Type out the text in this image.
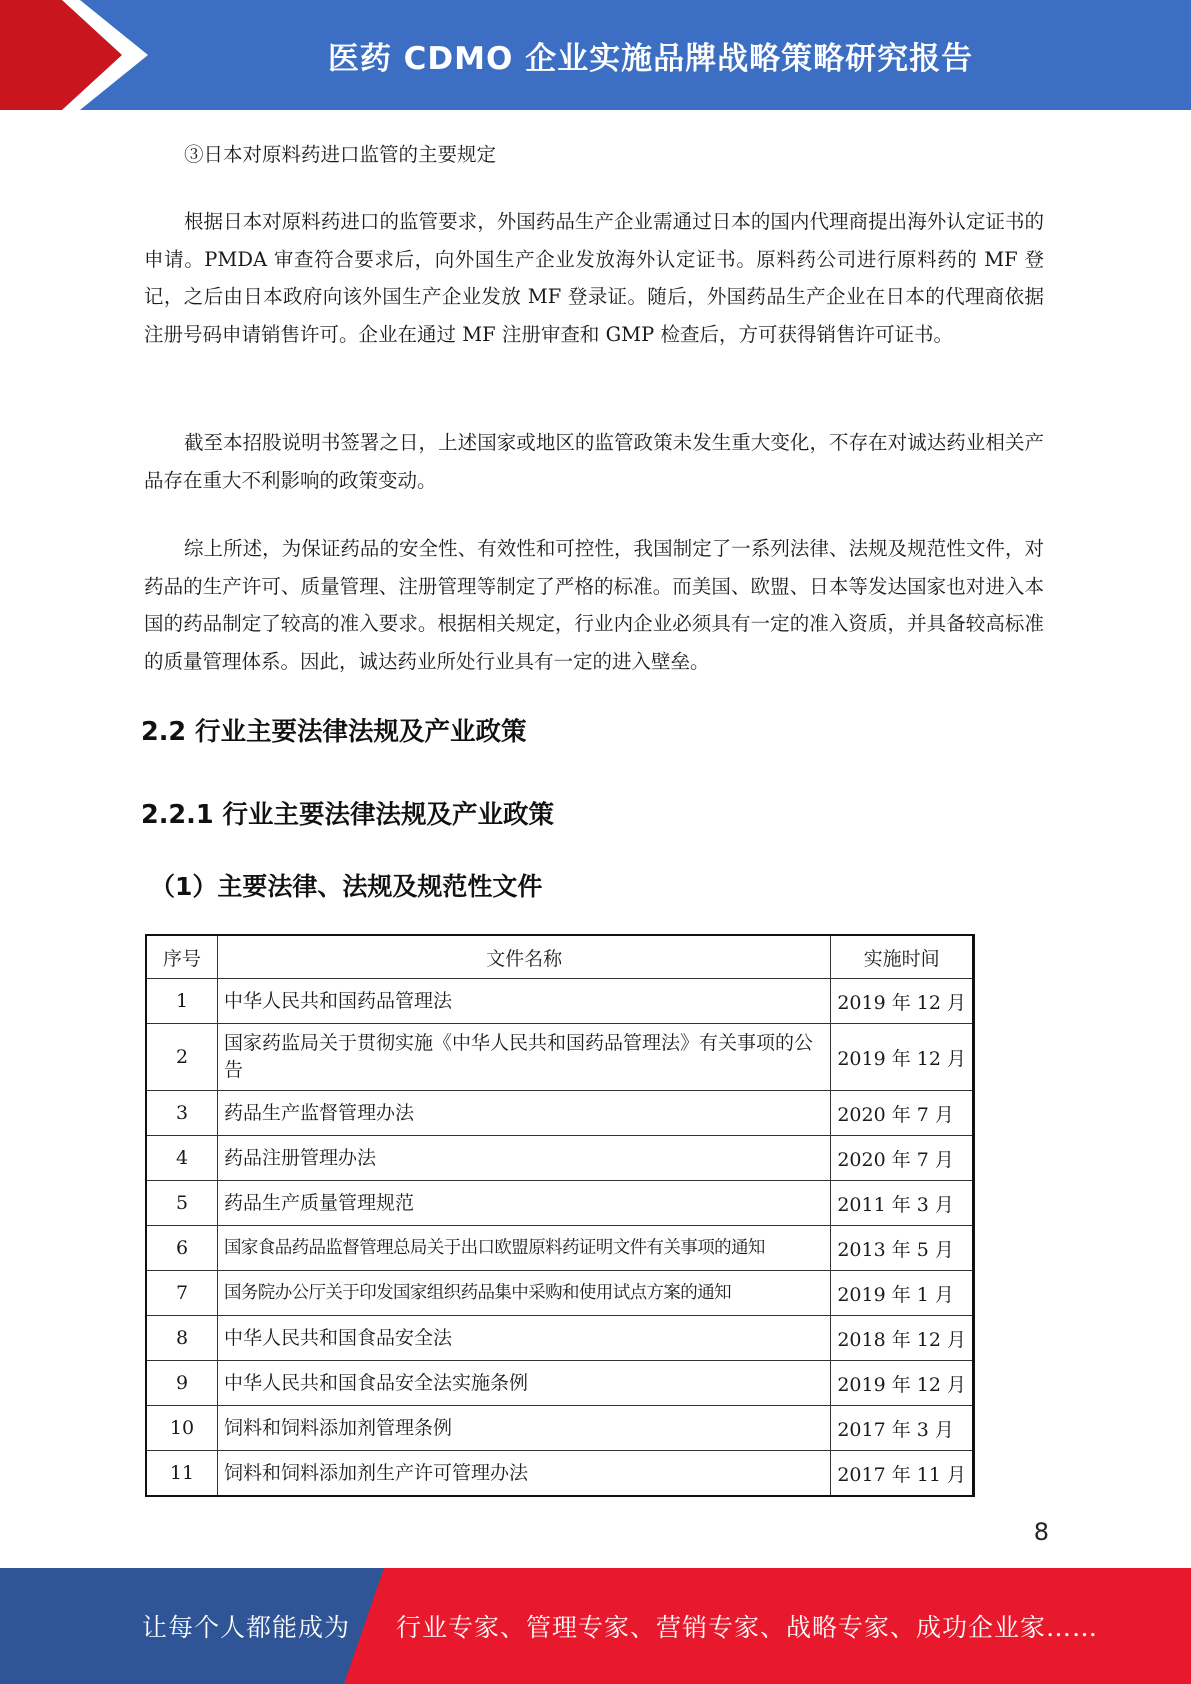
医药 CDMO 企业实施品牌战略策略研究报告

③日本对原料药进口监管的主要规定

根据日本对原料药进口的监管要求，外国药品生产企业需通过日本的国内代理商提出海外认定证书的申请。PMDA 审查符合要求后，向外国生产企业发放海外认定证书。原料药公司进行原料药的 MF 登记，之后由日本政府向该外国生产企业发放 MF 登录证。随后，外国药品生产企业在日本的代理商依据注册号码申请销售许可。企业在通过 MF 注册审查和 GMP 检查后，方可获得销售许可证书。

截至本招股说明书签署之日，上述国家或地区的监管政策未发生重大变化，不存在对诚达药业相关产品存在重大不利影响的政策变动。

综上所述，为保证药品的安全性、有效性和可控性，我国制定了一系列法律、法规及规范性文件，对药品的生产许可、质量管理、注册管理等制定了严格的标准。而美国、欧盟、日本等发达国家也对进入本国的药品制定了较高的准入要求。根据相关规定，行业内企业必须具有一定的准入资质，并具备较高标准的质量管理体系。因此，诚达药业所处行业具有一定的进入壁垒。

2.2 行业主要法律法规及产业政策
2.2.1 行业主要法律法规及产业政策
（1）主要法律、法规及规范性文件
序号	文件名称	实施时间
1	中华人民共和国药品管理法	2019 年 12 月
2	国家药监局关于贯彻实施《中华人民共和国药品管理法》有关事项的公告	2019 年 12 月
3	药品生产监督管理办法	2020 年 7 月
4	药品注册管理办法	2020 年 7 月
5	药品生产质量管理规范	2011 年 3 月
6	国家食品药品监督管理总局关于出口欧盟原料药证明文件有关事项的通知	2013 年 5 月
7	国务院办公厅关于印发国家组织药品集中采购和使用试点方案的通知	2019 年 1 月
8	中华人民共和国食品安全法	2018 年 12 月
9	中华人民共和国食品安全法实施条例	2019 年 12 月
10	饲料和饲料添加剂管理条例	2017 年 3 月
11	饲料和饲料添加剂生产许可管理办法	2017 年 11 月
8
让每个人都能成为 行业专家、管理专家、营销专家、战略专家、成功企业家……
